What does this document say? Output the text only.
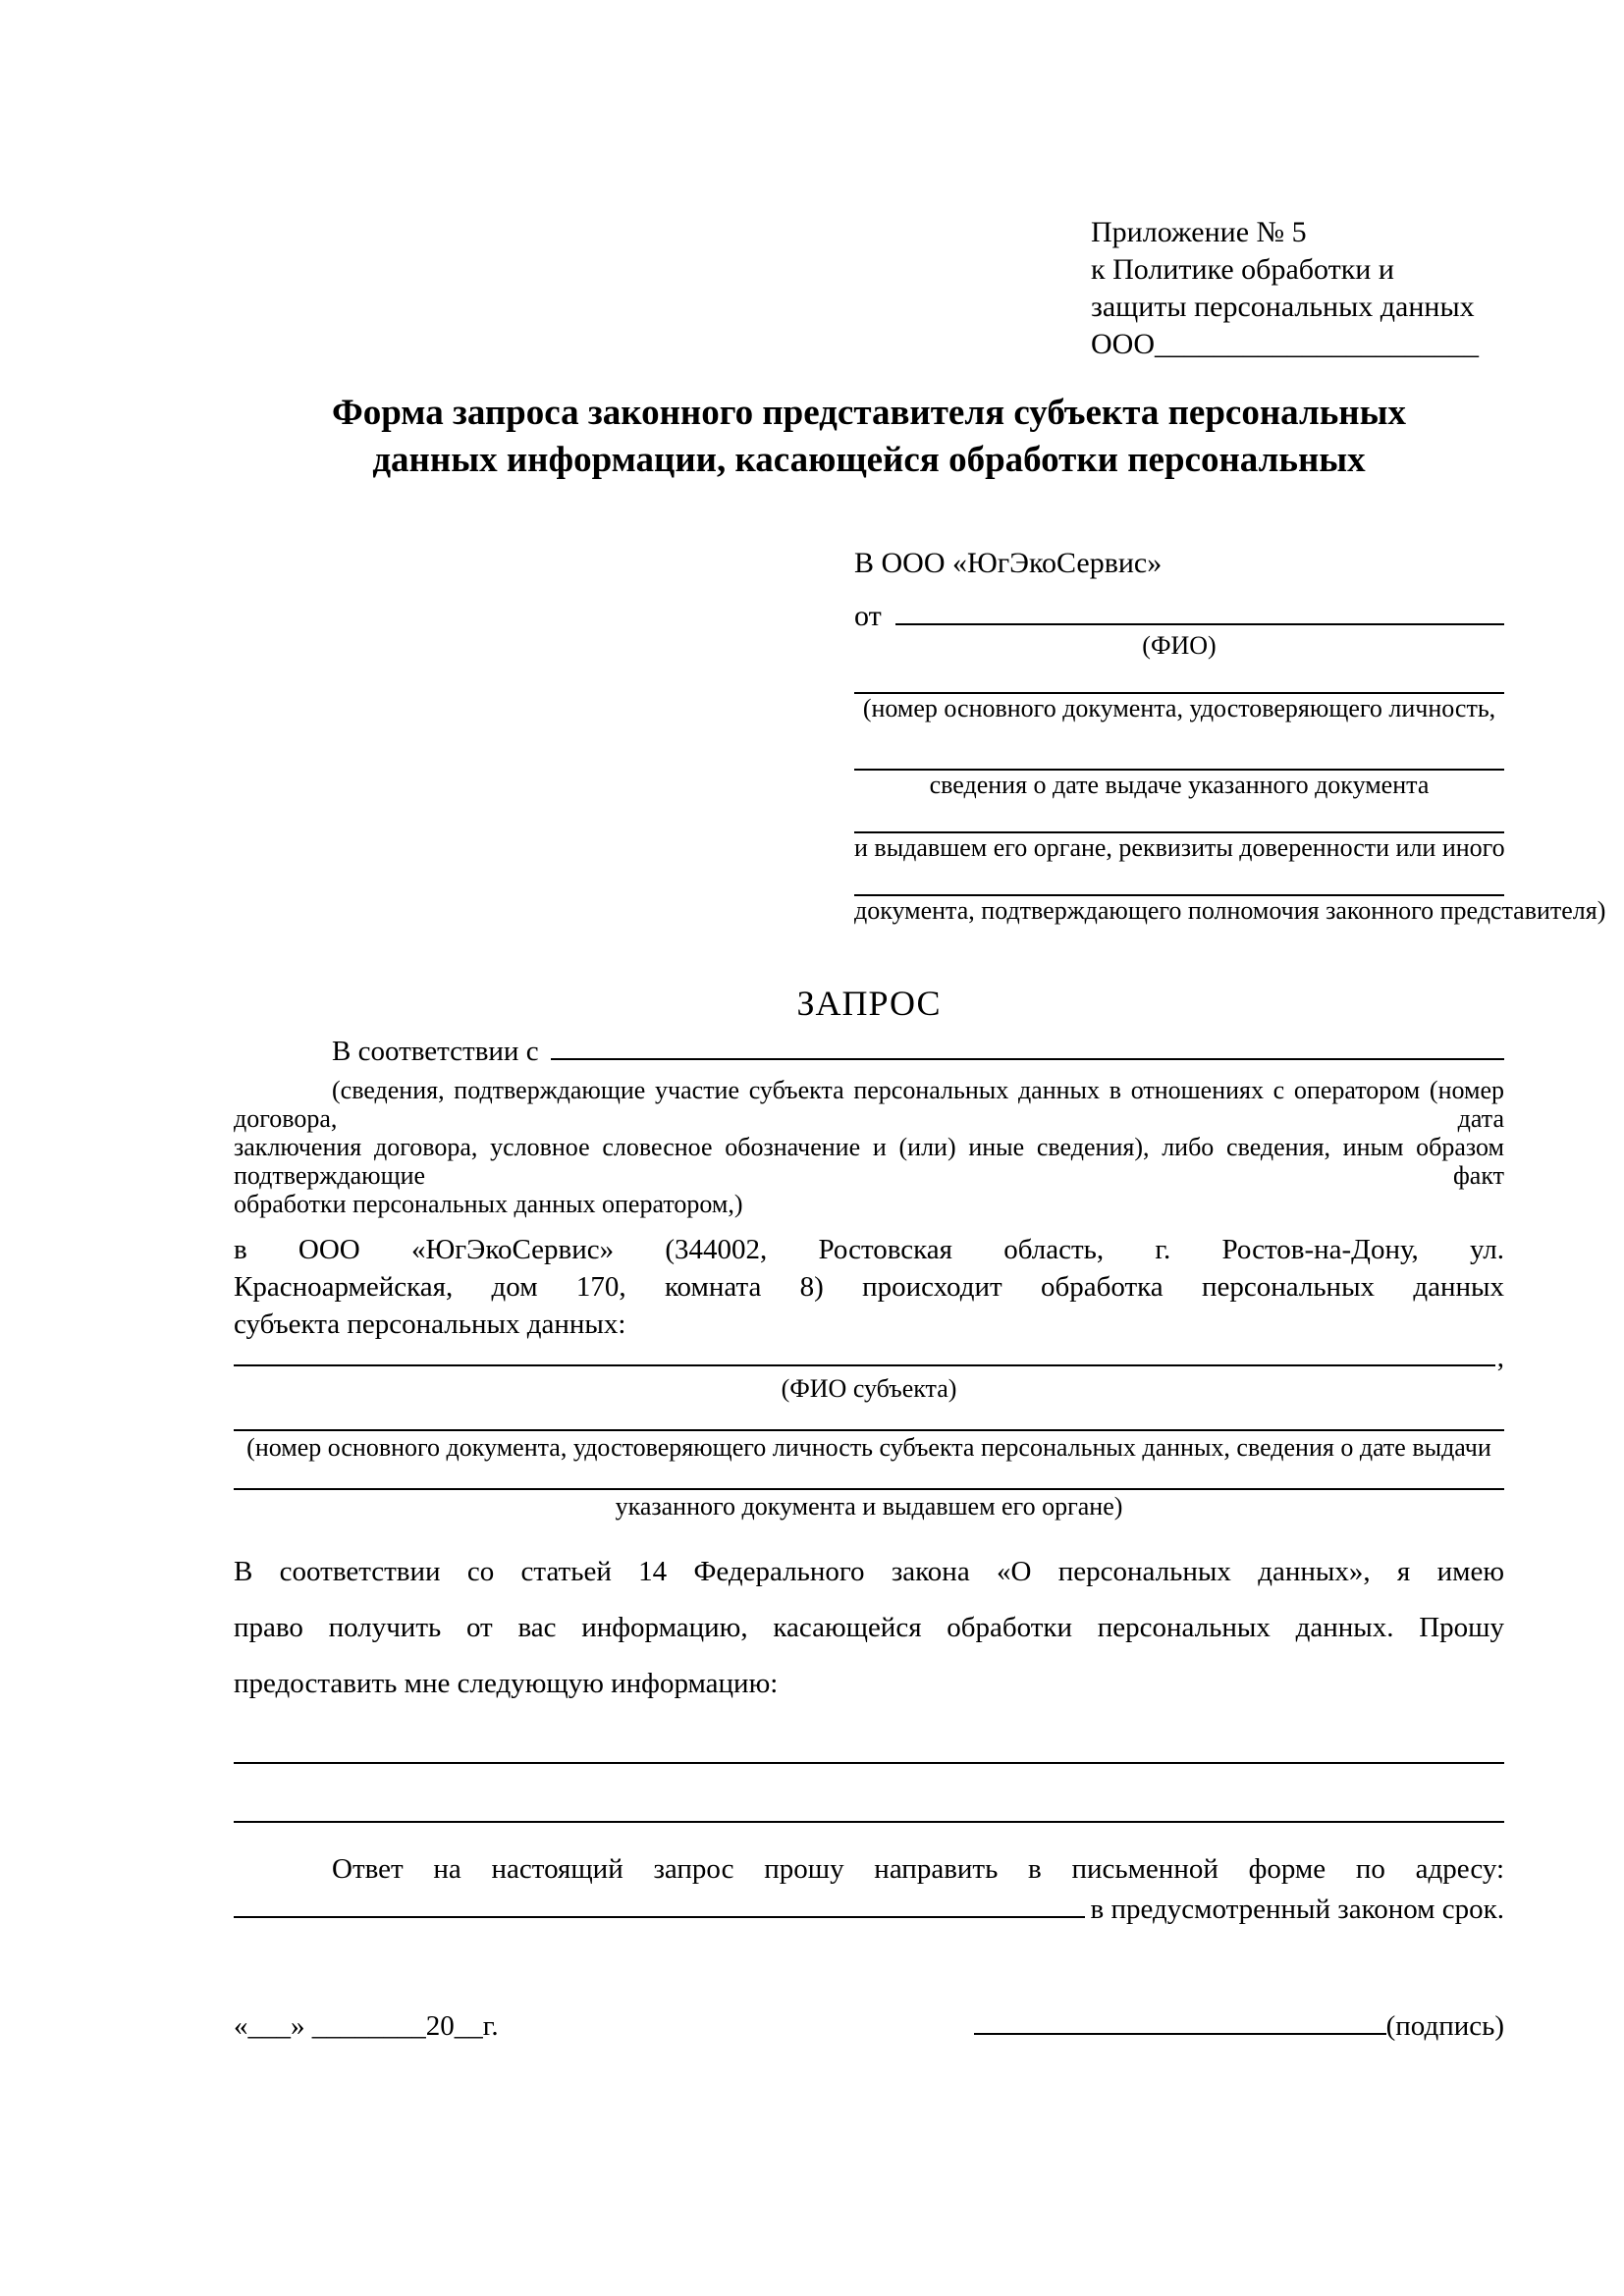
Приложение № 5
к Политике обработки и
защиты персональных данных
ООО______________________
Форма запроса законного представителя субъекта персональных
данных информации, касающейся обработки персональных
В ООО «ЮгЭкоСервис»
от
(ФИО)
(номер основного документа, удостоверяющего личность,
сведения о дате выдаче указанного документа
и выдавшем его органе, реквизиты доверенности или иного
документа, подтверждающего полномочия законного представителя)
ЗАПРОС
В соответствии с
(сведения, подтверждающие участие субъекта персональных данных в отношениях с оператором (номер договора, дата
заключения договора, условное словесное обозначение и (или) иные сведения), либо сведения, иным образом подтверждающие факт
обработки персональных данных оператором,)
в ООО «ЮгЭкоСервис» (344002, Ростовская область, г. Ростов-на-Дону, ул.
Красноармейская, дом 170, комната 8) происходит обработка персональных данных
субъекта персональных данных:
,
(ФИО субъекта)
(номер основного документа, удостоверяющего личность субъекта персональных данных, сведения о дате выдачи
указанного документа и выдавшем его органе)
В соответствии со статьей 14 Федерального закона «О персональных данных», я имею
право получить от вас информацию, касающейся обработки персональных данных. Прошу
предоставить мне следующую информацию:
Ответ на настоящий запрос прошу направить в письменной форме по адресу:
в предусмотренный законом срок.
«___» ________20__г.	(подпись)
